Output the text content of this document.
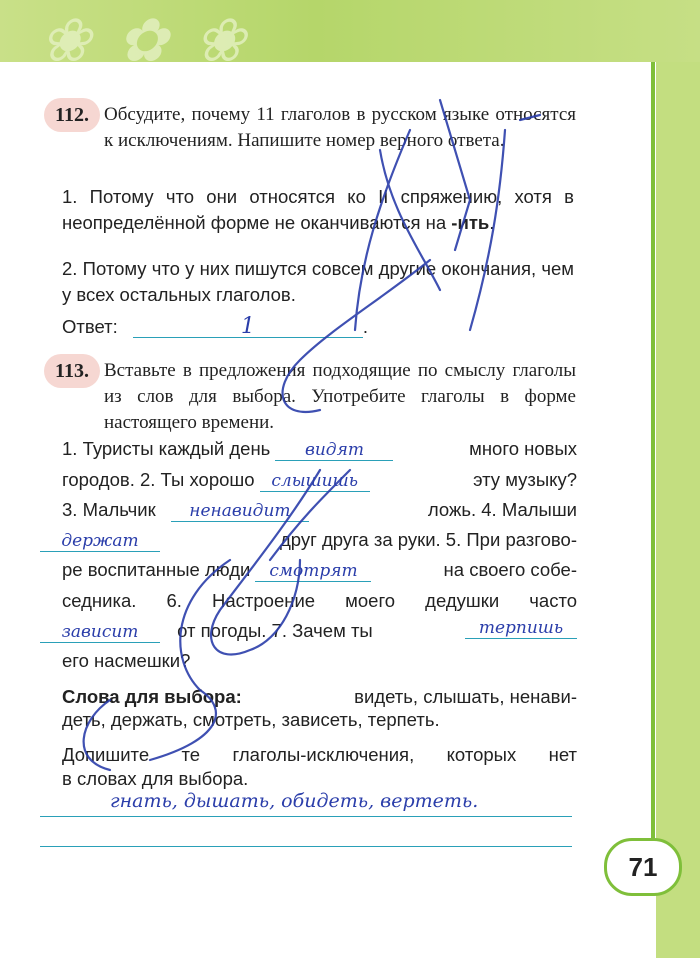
❀ ✿ ❀
112. Обсудите, почему 11 глаголов в русском языке относятся к исключениям. Напишите номер верного ответа.
1. Потому что они относятся ко II спряжению, хотя в неопределённой форме не оканчиваются на -ить.
2. Потому что у них пишутся совсем другие окончания, чем у всех остальных глаголов.
Ответ:	1	.
113. Вставьте в предложения подходящие по смыслу глаголы из слов для выбора. Употребите глаголы в форме настоящего времени.
1. Туристы каждый день видят	много новых
городов. 2. Ты хорошо слышишь	эту музыку?
3. Мальчик ненавидит	ложь. 4. Малыши
держат	друг друга за руки. 5. При разгово-
ре воспитанные люди смотрят	на своего собе-
седника. 6. Настроение моего дедушки часто
зависит от погоды. 7. Зачем ты	терпишь
его насмешки?
Слова для выбора:	видеть, слышать, ненави-
деть, держать, смотреть, зависеть, терпеть.
Допишите те глаголы-исключения, которых нет
в словах для выбора.
гнать, дышать, обидеть, вертеть.
71
